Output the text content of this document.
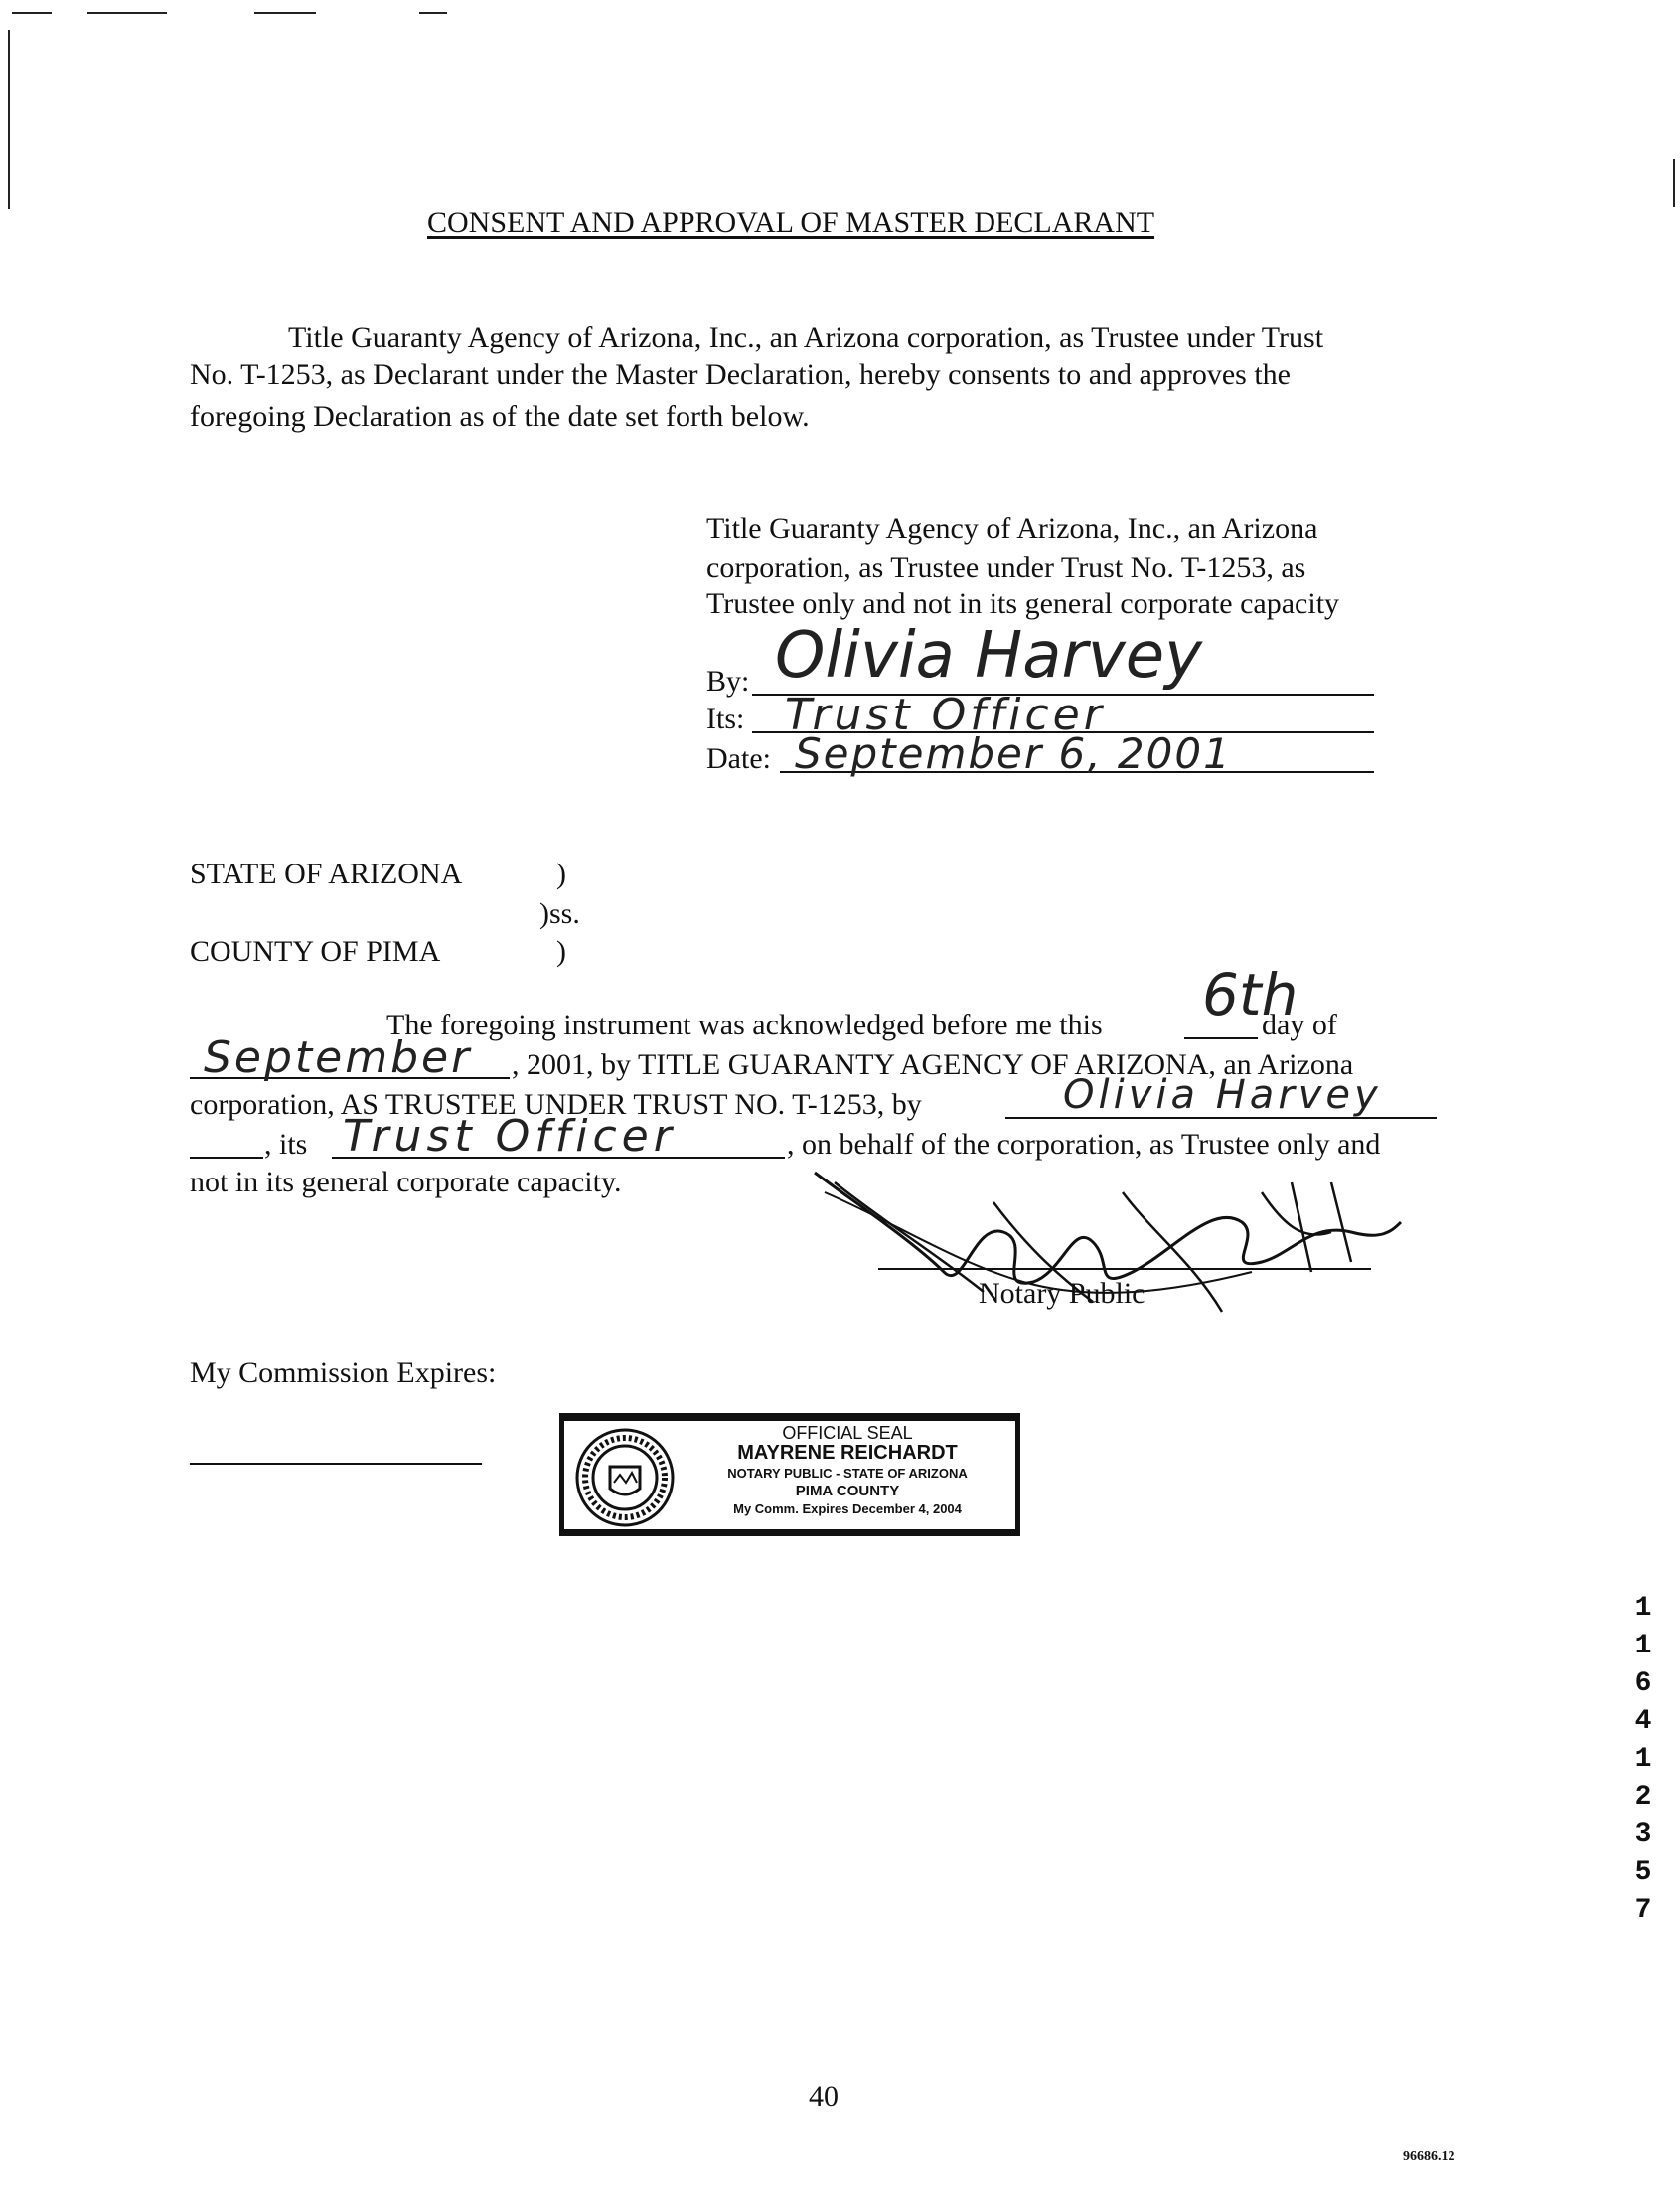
CONSENT AND APPROVAL OF MASTER DECLARANT
Title Guaranty Agency of Arizona, Inc., an Arizona corporation, as Trustee under Trust
No. T-1253, as Declarant under the Master Declaration, hereby consents to and approves the
foregoing Declaration as of the date set forth below.
Title Guaranty Agency of Arizona, Inc., an Arizona
corporation, as Trustee under Trust No. T-1253, as
Trustee only and not in its general corporate capacity
By: Olivia Harvey
Its: Trust Officer
Date: September 6, 2001
STATE OF ARIZONA	)
)ss.
COUNTY OF PIMA	)
The foregoing instrument was acknowledged before me this 6th
day of
September , 2001, by TITLE GUARANTY AGENCY OF ARIZONA, an Arizona
corporation, AS TRUSTEE UNDER TRUST NO. T-1253, by	Olivia Harvey
, its Trust Officer	, on behalf of the corporation, as Trustee only and
not in its general corporate capacity.
Notary Public
My Commission Expires:
OFFICIAL SEAL
MAYRENE REICHARDT
NOTARY PUBLIC - STATE OF ARIZONA
PIMA COUNTY
My Comm. Expires December 4, 2004
1 1 6 4 1 2 3 5 7
40
96686.12
